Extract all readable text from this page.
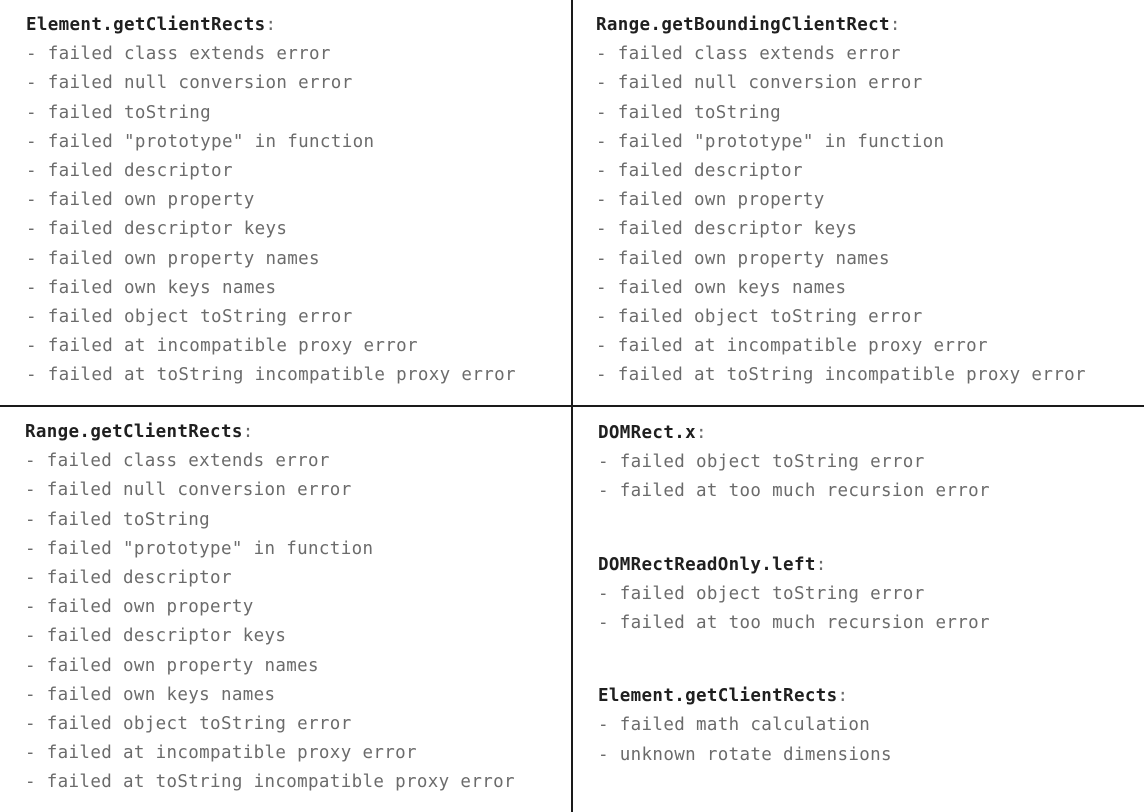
Element.getClientRects:
- failed class extends error
- failed null conversion error
- failed toString
- failed "prototype" in function
- failed descriptor
- failed own property
- failed descriptor keys
- failed own property names
- failed own keys names
- failed object toString error
- failed at incompatible proxy error
- failed at toString incompatible proxy error
Range.getBoundingClientRect:
- failed class extends error
- failed null conversion error
- failed toString
- failed "prototype" in function
- failed descriptor
- failed own property
- failed descriptor keys
- failed own property names
- failed own keys names
- failed object toString error
- failed at incompatible proxy error
- failed at toString incompatible proxy error
Range.getClientRects:
- failed class extends error
- failed null conversion error
- failed toString
- failed "prototype" in function
- failed descriptor
- failed own property
- failed descriptor keys
- failed own property names
- failed own keys names
- failed object toString error
- failed at incompatible proxy error
- failed at toString incompatible proxy error
DOMRect.x:
- failed object toString error
- failed at too much recursion error
DOMRectReadOnly.left:
- failed object toString error
- failed at too much recursion error
Element.getClientRects:
- failed math calculation
- unknown rotate dimensions
